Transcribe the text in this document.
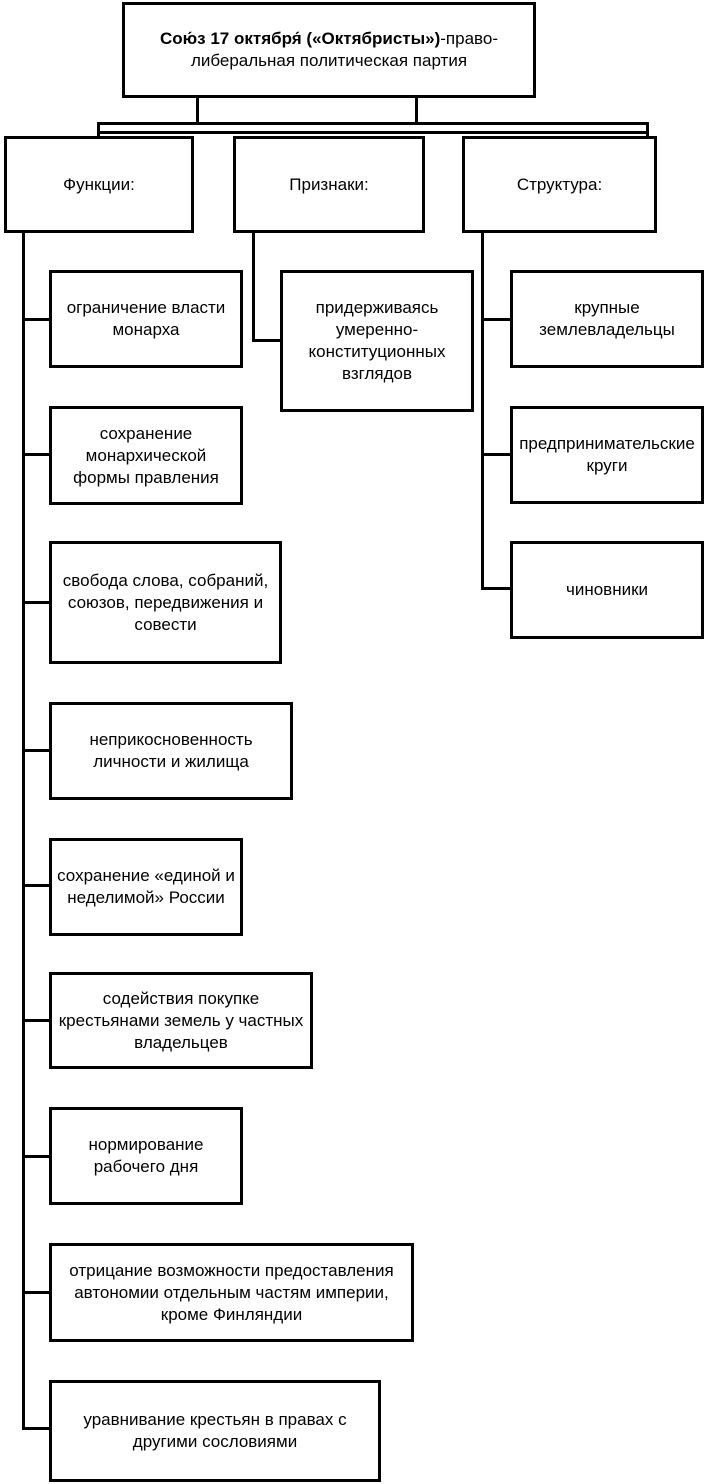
Сою́з 17 октября́ («Октябристы»)-право-
либеральная политическая партия
Функции:	Признаки:	Структура:
ограничение власти монарха
сохранение монархической формы правления
свобода слова, собраний, союзов, передвижения и совести
неприкосновенность личности и жилища
сохранение «единой и неделимой» России
содействия покупке крестьянами земель у частных владельцев
нормирование рабочего дня
отрицание возможности предоставления автономии отдельным частям империи, кроме Финляндии
уравнивание крестьян в правах с другими сословиями
придерживаясь умеренно-конституционных взглядов
крупные землевладельцы
предпринимательские круги
чиновники
